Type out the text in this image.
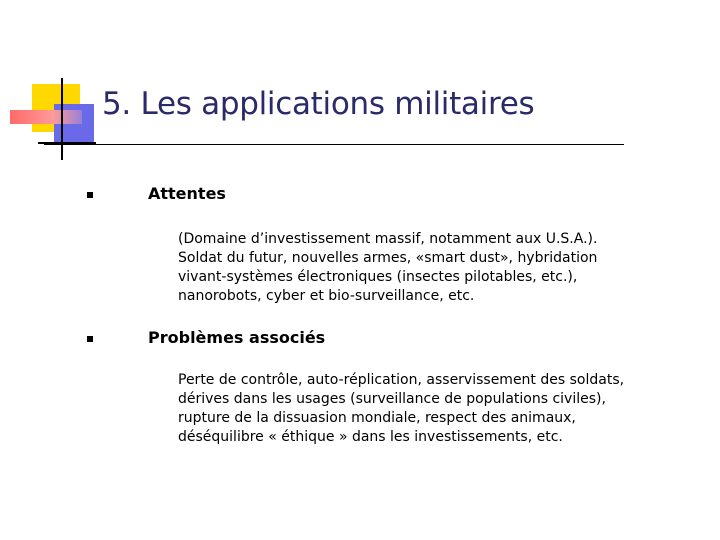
5. Les applications militaires
Attentes
(Domaine d’investissement massif, notamment aux U.S.A.).
Soldat du futur, nouvelles armes, «smart dust», hybridation
vivant-systèmes électroniques (insectes pilotables, etc.),
nanorobots, cyber et bio-surveillance, etc.
Problèmes associés
Perte de contrôle, auto-réplication, asservissement des soldats,
dérives dans les usages (surveillance de populations civiles),
rupture de la dissuasion mondiale, respect des animaux,
déséquilibre « éthique » dans les investissements, etc.
